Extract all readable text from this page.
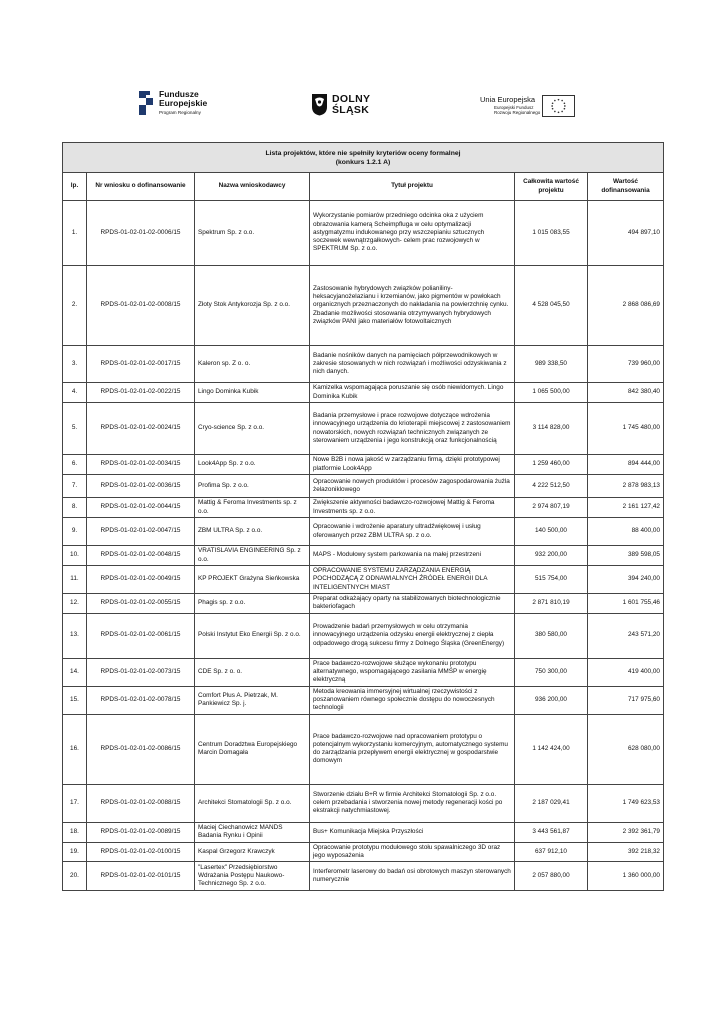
Fundusze
Europejskie
Program Regionalny
DOLNY
ŚLĄSK
Unia Europejska
Europejski Fundusz
Rozwoju Regionalnego
Lista projektów, które nie spełniły kryteriów oceny formalnej
(konkurs 1.2.1 A)					

lp.	Nr wniosku o dofinansowanie	Nazwa wnioskodawcy	Tytuł projektu	Całkowita wartość projektu	Wartość dofinansowania
1.	RPDS-01-02-01-02-0006/15	Spektrum Sp. z o.o.	Wykorzystanie pomiarów przedniego odcinka oka z użyciem obrazowania kamerą Scheimpfluga w celu optymalizacji astygmatyzmu indukowanego przy wszczepianiu sztucznych soczewek wewnątrzgałkowych- celem prac rozwojowych w SPEKTRUM Sp. z o.o.	1 015 083,55	494 897,10
2.	RPDS-01-02-01-02-0008/15	Złoty Stok Antykorozja Sp. z o.o.	Zastosowanie hybrydowych związków polianiliny- heksacyjanożelazianu i krzemianów, jako pigmentów w powłokach organicznych przeznaczonych do nakładania na powierzchnię cynku. Zbadanie możliwości stosowania otrzymywanych hybrydowych związków PANI jako materiałów fotowoltaicznych	4 528 045,50	2 868 086,69
3.	RPDS-01-02-01-02-0017/15	Kaleron sp. Z o. o.	Badanie nośników danych na pamięciach półprzewodnikowych w zakresie stosowanych w nich rozwiązań i możliwości odzyskiwania z nich danych.	989 338,50	739 960,00
4.	RPDS-01-02-01-02-0022/15	Lingo Dominka Kubik	Kamizelka wspomagająca poruszanie się osób niewidomych. Lingo Dominika Kubik	1 065 500,00	842 380,40
5.	RPDS-01-02-01-02-0024/15	Cryo-science Sp. z o.o.	Badania przemysłowe i prace rozwojowe dotyczące wdrożenia innowacyjnego urządzenia do krioterapii miejscowej z zastosowaniem nowatorskich, nowych rozwiązań technicznych związanych ze sterowaniem urządzenia i jego konstrukcją oraz funkcjonalnością	3 114 828,00	1 745 480,00
6.	RPDS-01-02-01-02-0034/15	Look4App Sp. z o.o.	Nowe B2B i nowa jakość w zarządzaniu firmą, dzięki prototypowej platformie Look4App	1 259 460,00	894 444,00
7.	RPDS-01-02-01-02-0036/15	Profima Sp. z o.o.	Opracowanie nowych produktów i procesów zagospodarowania żużla żelazoniklowego	4 222 512,50	2 878 983,13
8.	RPDS-01-02-01-02-0044/15	Mattig & Feroma Investments sp. z o.o.	Zwiększenie aktywności badawczo-rozwojowej Mattig & Feroma Investments sp. z o.o.	2 974 807,19	2 161 127,42
9.	RPDS-01-02-01-02-0047/15	ZBM ULTRA Sp. z o.o.	Opracowanie i wdrożenie aparatury ultradźwiękowej i usług oferowanych przez ZBM ULTRA sp. z o.o.	140 500,00	88 400,00
10.	RPDS-01-02-01-02-0048/15	VRATISLAVIA ENGINEERING Sp. z o.o.	MAPS - Modułowy system parkowania na małej przestrzeni	932 200,00	389 598,05
11.	RPDS-01-02-01-02-0049/15	KP PROJEKT Grażyna Sieńkowska	OPRACOWANIE SYSTEMU ZARZĄDZANIA ENERGIĄ POCHODZĄCĄ Z ODNAWIALNYCH ŹRÓDEŁ ENERGII DLA INTELIGENTNYCH MIAST	515 754,00	394 240,00
12.	RPDS-01-02-01-02-0055/15	Phagis sp. z o.o.	Preparat odkażający oparty na stabilizowanych biotechnologicznie bakteriofagach	2 871 810,19	1 601 755,46
13.	RPDS-01-02-01-02-0061/15	Polski Instytut Eko Energii Sp. z o.o.	Prowadzenie badań przemysłowych w celu otrzymania innowacyjnego urządzenia odzysku energii elektrycznej z ciepła odpadowego drogą sukcesu firmy z Dolnego Śląska (GreenEnergy)	380 580,00	243 571,20
14.	RPDS-01-02-01-02-0073/15	CDE Sp. z o. o.	Prace badawczo-rozwojowe służące wykonaniu prototypu alternatywnego, wspomagającego zasilania MMŚP w energię elektryczną	750 300,00	419 400,00
15.	RPDS-01-02-01-02-0078/15	Comfort Plus A. Pietrzak, M. Pankiewicz Sp. j.	Metoda kreowania immersyjnej wirtualnej rzeczywistości z poszanowaniem równego społecznie dostępu do nowoczesnych technologii	936 200,00	717 975,60
16.	RPDS-01-02-01-02-0086/15	Centrum Doradztwa Europejskiego Marcin Domagała	Prace badawczo-rozwojowe nad opracowaniem prototypu o potencjalnym wykorzystaniu komercyjnym, automatycznego systemu do zarządzania przepływem energii elektrycznej w gospodarstwie domowym	1 142 424,00	628 080,00
17.	RPDS-01-02-01-02-0088/15	Architekci Stomatologii Sp. z o.o.	Stworzenie działu B+R w firmie Architekci Stomatologii Sp. z o.o. celem przebadania i stworzenia nowej metody regeneracji kości po ekstrakcji natychmiastowej.	2 187 029,41	1 749 623,53
18.	RPDS-01-02-01-02-0089/15	Maciej Ciechanowicz MANDS Badania Rynku i Opinii	Bus+ Komunikacja Miejska Przyszłości	3 443 561,87	2 392 361,79
19.	RPDS-01-02-01-02-0100/15	Kaspal Grzegorz Krawczyk	Opracowanie prototypu modułowego stołu spawalniczego 3D oraz jego wyposażenia	637 912,10	392 218,32
20.	RPDS-01-02-01-02-0101/15	"Lasertex" Przedsiębiorstwo Wdrażania Postępu Naukowo-Technicznego Sp. z o.o.	Interferometr laserowy do badań osi obrotowych maszyn sterowanych numerycznie	2 057 880,00	1 360 000,00
